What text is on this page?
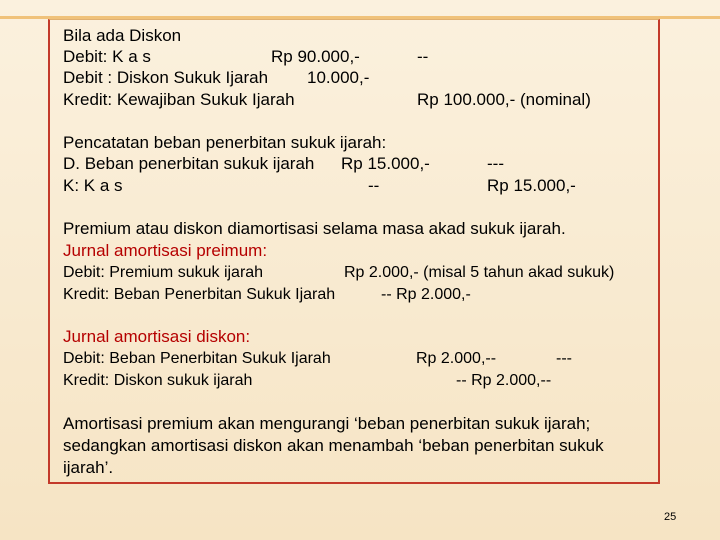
Bila ada Diskon
Debit: K a s	Rp 90.000,-	--
Debit : Diskon Sukuk Ijarah 10.000,-
Kredit: Kewajiban Sukuk Ijarah	Rp 100.000,- (nominal)
Pencatatan beban penerbitan sukuk ijarah:
D. Beban penerbitan sukuk ijarah Rp 15.000,-	---
K: K a s	--	Rp 15.000,-
Premium atau diskon diamortisasi selama masa akad sukuk ijarah.
Jurnal amortisasi preimum:
Debit: Premium sukuk ijarah	Rp 2.000,- (misal 5 tahun akad sukuk)
Kredit: Beban Penerbitan Sukuk Ijarah	-- Rp 2.000,-
Jurnal amortisasi diskon:
Debit: Beban Penerbitan Sukuk Ijarah	Rp 2.000,--	---
Kredit: Diskon sukuk ijarah	-- Rp 2.000,--
Amortisasi premium akan mengurangi ‘beban penerbitan sukuk ijarah;
sedangkan amortisasi diskon akan menambah ‘beban penerbitan sukuk
ijarah’.
25
